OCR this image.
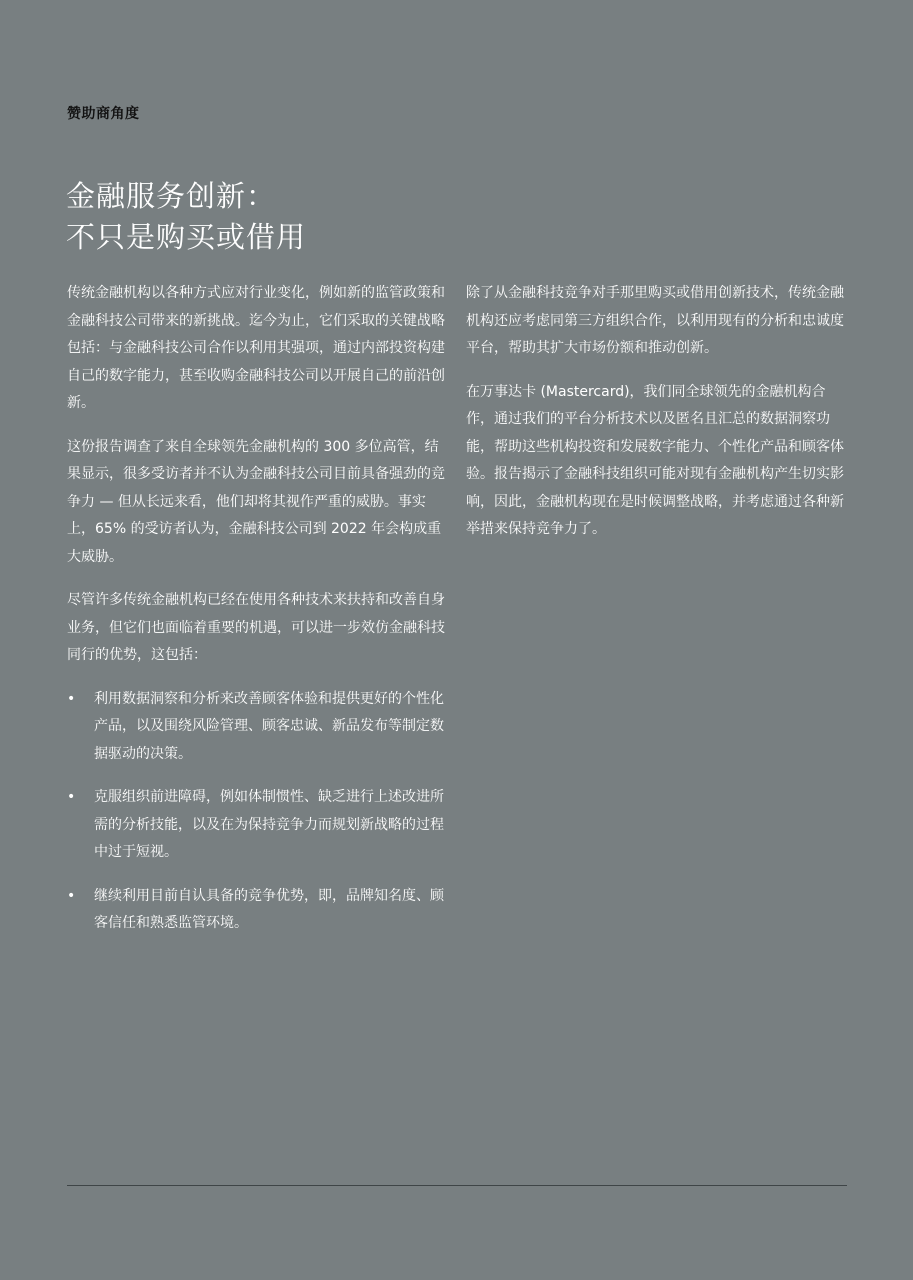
赞助商角度
金融服务创新：
不只是购买或借用

传统金融机构以各种方式应对行业变化，例如新的监管政策和金融科技公司带来的新挑战。迄今为止，它们采取的关键战略包括：与金融科技公司合作以利用其强项，通过内部投资构建自己的数字能力，甚至收购金融科技公司以开展自己的前沿创新。

这份报告调查了来自全球领先金融机构的 300 多位高管，结果显示，很多受访者并不认为金融科技公司目前具备强劲的竞争力 — 但从长远来看，他们却将其视作严重的威胁。事实上，65% 的受访者认为，金融科技公司到 2022 年会构成重大威胁。

尽管许多传统金融机构已经在使用各种技术来扶持和改善自身业务，但它们也面临着重要的机遇，可以进一步效仿金融科技同行的优势，这包括：

• 利用数据洞察和分析来改善顾客体验和提供更好的个性化产品，以及围绕风险管理、顾客忠诚、新品发布等制定数据驱动的决策。
• 克服组织前进障碍，例如体制惯性、缺乏进行上述改进所需的分析技能，以及在为保持竞争力而规划新战略的过程中过于短视。
• 继续利用目前自认具备的竞争优势，即，品牌知名度、顾客信任和熟悉监管环境。

除了从金融科技竞争对手那里购买或借用创新技术，传统金融机构还应考虑同第三方组织合作，以利用现有的分析和忠诚度平台，帮助其扩大市场份额和推动创新。

在万事达卡 (Mastercard)，我们同全球领先的金融机构合作，通过我们的平台分析技术以及匿名且汇总的数据洞察功能，帮助这些机构投资和发展数字能力、个性化产品和顾客体验。报告揭示了金融科技组织可能对现有金融机构产生切实影响，因此，金融机构现在是时候调整战略，并考虑通过各种新举措来保持竞争力了。
